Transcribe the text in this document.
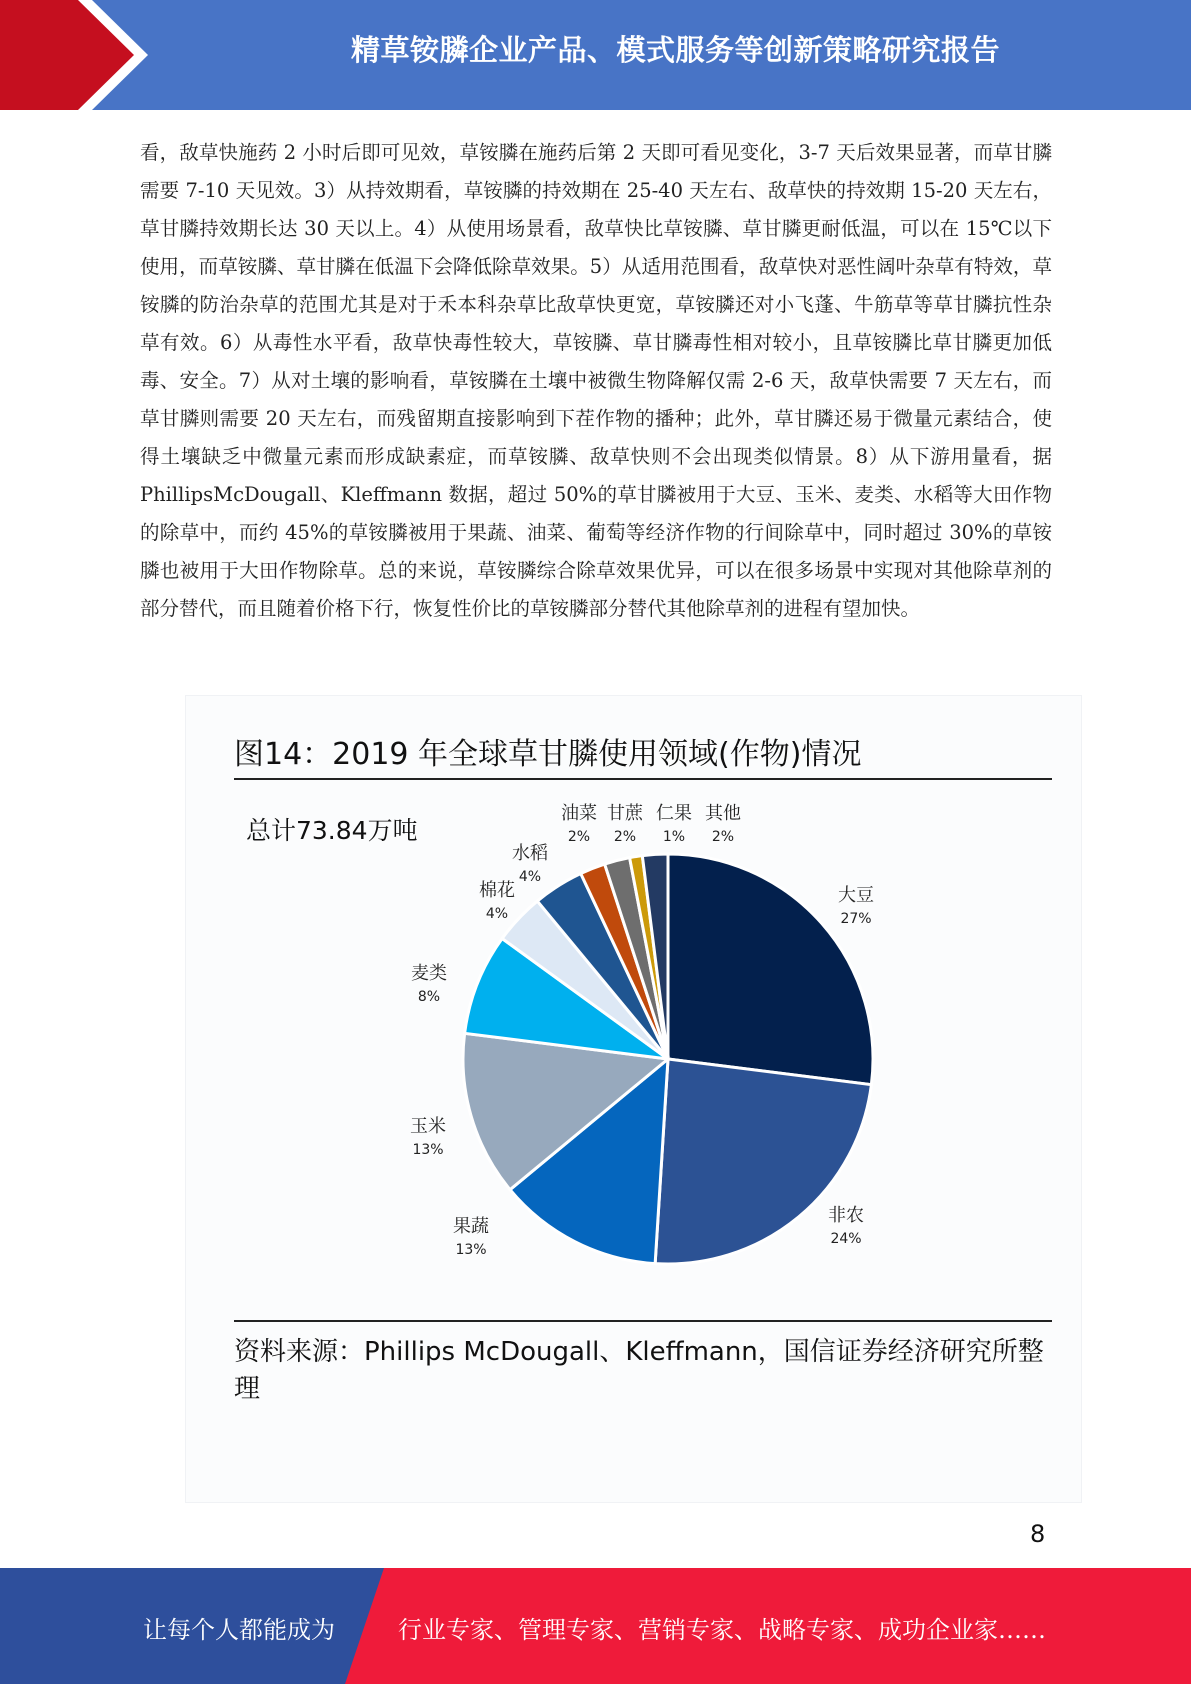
精草铵膦企业产品、模式服务等创新策略研究报告

看，敌草快施药 2 小时后即可见效，草铵膦在施药后第 2 天即可看见变化，3-7 天后效果显著，而草甘膦需要 7-10 天见效。3）从持效期看，草铵膦的持效期在 25-40 天左右、敌草快的持效期 15-20 天左右，草甘膦持效期长达 30 天以上。4）从使用场景看，敌草快比草铵膦、草甘膦更耐低温，可以在 15℃以下使用，而草铵膦、草甘膦在低温下会降低除草效果。5）从适用范围看，敌草快对恶性阔叶杂草有特效，草铵膦的防治杂草的范围尤其是对于禾本科杂草比敌草快更宽，草铵膦还对小飞蓬、牛筋草等草甘膦抗性杂草有效。6）从毒性水平看，敌草快毒性较大，草铵膦、草甘膦毒性相对较小，且草铵膦比草甘膦更加低毒、安全。7）从对土壤的影响看，草铵膦在土壤中被微生物降解仅需 2-6 天，敌草快需要 7 天左右，而草甘膦则需要 20 天左右，而残留期直接影响到下茬作物的播种；此外，草甘膦还易于微量元素结合，使得土壤缺乏中微量元素而形成缺素症，而草铵膦、敌草快则不会出现类似情景。8）从下游用量看，据 PhillipsMcDougall、Kleffmann 数据，超过 50%的草甘膦被用于大豆、玉米、麦类、水稻等大田作物的除草中，而约 45%的草铵膦被用于果蔬、油菜、葡萄等经济作物的行间除草中，同时超过 30%的草铵膦也被用于大田作物除草。总的来说，草铵膦综合除草效果优异，可以在很多场景中实现对其他除草剂的部分替代，而且随着价格下行，恢复性价比的草铵膦部分替代其他除草剂的进程有望加快。

图14：2019 年全球草甘膦使用领域(作物)情况
总计73.84万吨
大豆
27%
非农
24%
果蔬
13%
玉米
13%
麦类
8%
棉花
4%
水稻
4%
油菜
2%
甘蔗
2%
仁果
1%
其他
2%
资料来源：Phillips McDougall、Kleffmann，国信证券经济研究所整理
8
让每个人都能成为	行业专家、管理专家、营销专家、战略专家、成功企业家……
